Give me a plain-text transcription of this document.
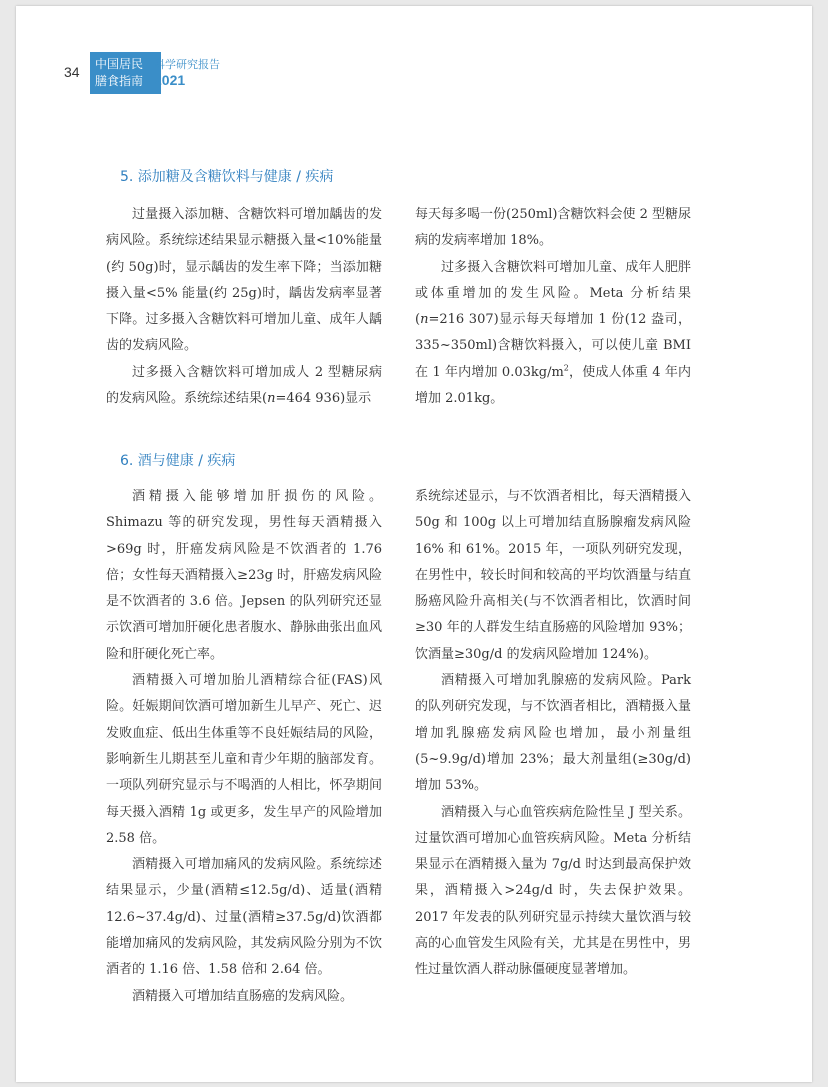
34 中国居民
膳食指南
科学研究报告
2021
5. 添加糖及含糖饮料与健康 / 疾病

过量摄入添加糖、含糖饮料可增加龋齿的发病风险。系统综述结果显示糖摄入量<10%能量(约 50g)时，显示龋齿的发生率下降；当添加糖摄入量<5% 能量(约 25g)时，龋齿发病率显著下降。过多摄入含糖饮料可增加儿童、成年人龋齿的发病风险。

过多摄入含糖饮料可增加成人 2 型糖尿病的发病风险。系统综述结果(n=464 936)显示

每天每多喝一份(250ml)含糖饮料会使 2 型糖尿病的发病率增加 18%。

过多摄入含糖饮料可增加儿童、成年人肥胖或体重增加的发生风险。Meta 分析结果(n=216 307)显示每天每增加 1 份(12 盎司，335~350ml)含糖饮料摄入，可以使儿童 BMI 在 1 年内增加 $0.03kg/m^2$，使成人体重 4 年内增加 2.01kg。

6. 酒与健康 / 疾病

酒精摄入能够增加肝损伤的风险。Shimazu 等的研究发现，男性每天酒精摄入>69g 时，肝癌发病风险是不饮酒者的 1.76 倍；女性每天酒精摄入≥23g 时，肝癌发病风险是不饮酒者的 3.6 倍。Jepsen 的队列研究还显示饮酒可增加肝硬化患者腹水、静脉曲张出血风险和肝硬化死亡率。

酒精摄入可增加胎儿酒精综合征(FAS)风险。妊娠期间饮酒可增加新生儿早产、死亡、迟发败血症、低出生体重等不良妊娠结局的风险，影响新生儿期甚至儿童和青少年期的脑部发育。一项队列研究显示与不喝酒的人相比，怀孕期间每天摄入酒精 1g 或更多，发生早产的风险增加 2.58 倍。

酒精摄入可增加痛风的发病风险。系统综述结果显示，少量(酒精≤12.5g/d)、适量(酒精 12.6~37.4g/d)、过量(酒精≥37.5g/d)饮酒都能增加痛风的发病风险，其发病风险分别为不饮酒者的 1.16 倍、1.58 倍和 2.64 倍。

酒精摄入可增加结直肠癌的发病风险。

系统综述显示，与不饮酒者相比，每天酒精摄入 50g 和 100g 以上可增加结直肠腺瘤发病风险 16% 和 61%。2015 年，一项队列研究发现，在男性中，较长时间和较高的平均饮酒量与结直肠癌风险升高相关(与不饮酒者相比，饮酒时间≥30 年的人群发生结直肠癌的风险增加 93%；饮酒量≥30g/d 的发病风险增加 124%)。

酒精摄入可增加乳腺癌的发病风险。Park 的队列研究发现，与不饮酒者相比，酒精摄入量增加乳腺癌发病风险也增加，最小剂量组(5~9.9g/d)增加 23%；最大剂量组(≥30g/d)增加 53%。

酒精摄入与心血管疾病危险性呈 J 型关系。过量饮酒可增加心血管疾病风险。Meta 分析结果显示在酒精摄入量为 7g/d 时达到最高保护效果，酒精摄入>24g/d 时，失去保护效果。2017 年发表的队列研究显示持续大量饮酒与较高的心血管发生风险有关，尤其是在男性中，男性过量饮酒人群动脉僵硬度显著增加。
